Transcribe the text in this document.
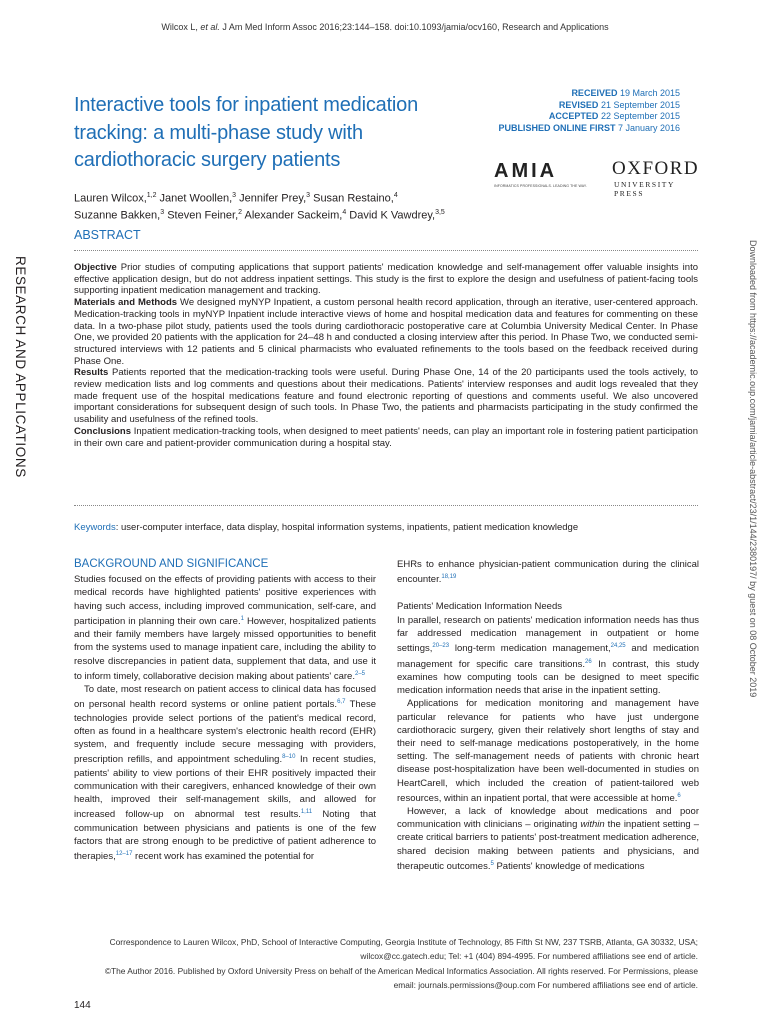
Wilcox L, et al. J Am Med Inform Assoc 2016;23:144–158. doi:10.1093/jamia/ocv160, Research and Applications
Interactive tools for inpatient medication tracking: a multi-phase study with cardiothoracic surgery patients
RECEIVED 19 March 2015
REVISED 21 September 2015
ACCEPTED 22 September 2015
PUBLISHED ONLINE FIRST 7 January 2016
AMIA
INFORMATICS PROFESSIONALS. LEADING THE WAY.
OXFORD
UNIVERSITY PRESS
Lauren Wilcox,$^{1,2}$ Janet Woollen,$^3$ Jennifer Prey,$^3$ Susan Restaino,$^4$
Suzanne Bakken,$^3$ Steven Feiner,$^2$ Alexander Sackeim,$^4$ David K Vawdrey,$^{3,5}$
ABSTRACT

Objective Prior studies of computing applications that support patients' medication knowledge and self-management offer valuable insights into effective application design, but do not address inpatient settings. This study is the first to explore the design and usefulness of patient-facing tools supporting inpatient medication management and tracking.

Materials and Methods We designed myNYP Inpatient, a custom personal health record application, through an iterative, user-centered approach. Medication-tracking tools in myNYP Inpatient include interactive views of home and hospital medication data and features for commenting on these data. In a two-phase pilot study, patients used the tools during cardiothoracic postoperative care at Columbia University Medical Center. In Phase One, we provided 20 patients with the application for 24–48 h and conducted a closing interview after this period. In Phase Two, we conducted semi-structured interviews with 12 patients and 5 clinical pharmacists who evaluated refinements to the tools based on the feedback received during Phase One.

Results Patients reported that the medication-tracking tools were useful. During Phase One, 14 of the 20 participants used the tools actively, to review medication lists and log comments and questions about their medications. Patients' interview responses and audit logs revealed that they made frequent use of the hospital medications feature and found electronic reporting of questions and comments useful. We also uncovered important considerations for subsequent design of such tools. In Phase Two, the patients and pharmacists participating in the study confirmed the usability and usefulness of the refined tools.

Conclusions Inpatient medication-tracking tools, when designed to meet patients' needs, can play an important role in fostering patient participation in their own care and patient-provider communication during a hospital stay.

Keywords: user-computer interface, data display, hospital information systems, inpatients, patient medication knowledge
RESEARCH AND APPLICATIONS	Downloaded from https://academic.oup.com/jamia/article-abstract/23/1/144/2380197/ by guest on 08 October 2019
BACKGROUND AND SIGNIFICANCE

Studies focused on the effects of providing patients with access to their medical records have highlighted patients' positive experiences with having such access, including improved communication, self-care, and participation in planning their own care.$^1$ However, hospitalized patients and their family members have largely missed opportunities to benefit from the systems used to manage inpatient care, including the ability to resolve discrepancies in patient data, supplement that data, and use it to inform timely, collaborative decision making about patients' care.$^{2-5}$

To date, most research on patient access to clinical data has focused on personal health record systems or online patient portals.$^{6,7}$ These technologies provide select portions of the patient's medical record, often as found in a healthcare system's electronic health record (EHR) system, and frequently include secure messaging with providers, prescription refills, and appointment scheduling.$^{8-10}$ In recent studies, patients' ability to view portions of their EHR positively impacted their communication with their caregivers, enhanced knowledge of their own health, improved their self-management skills, and allowed for increased follow-up on abnormal test results.$^{1,11}$ Noting that communication between physicians and patients is one of the few factors that are strong enough to be predictive of patient adherence to therapies,$^{12-17}$ recent work has examined the potential for

EHRs to enhance physician-patient communication during the clinical encounter.$^{18,19}$

Patients' Medication Information Needs

In parallel, research on patients' medication information needs has thus far addressed medication management in outpatient or home settings,$^{20-23}$ long-term medication management,$^{24,25}$ and medication management for specific care transitions.$^{26}$ In contrast, this study examines how computing tools can be designed to meet specific medication information needs that arise in the inpatient setting.

Applications for medication monitoring and management have particular relevance for patients who have just undergone cardiothoracic surgery, given their relatively short lengths of stay and their need to self-manage medications postoperatively, in the home setting. The self-management needs of patients with chronic heart disease post-hospitalization have been well-documented in studies on HeartCarell, which included the creation of patient-tailored web resources, within an inpatient portal, that were accessible at home.$^6$

However, a lack of knowledge about medications and poor communication with clinicians – originating within the inpatient setting – create critical barriers to patients' post-treatment medication adherence, shared decision making between patients and physicians, and therapeutic outcomes.$^5$ Patients' knowledge of medications

Correspondence to Lauren Wilcox, PhD, School of Interactive Computing, Georgia Institute of Technology, 85 Fifth St NW, 237 TSRB, Atlanta, GA 30332, USA;

wilcox@cc.gatech.edu; Tel: +1 (404) 894-4995. For numbered affiliations see end of article.

©The Author 2016. Published by Oxford University Press on behalf of the American Medical Informatics Association. All rights reserved. For Permissions, please

email: journals.permissions@oup.com For numbered affiliations see end of article.

144
